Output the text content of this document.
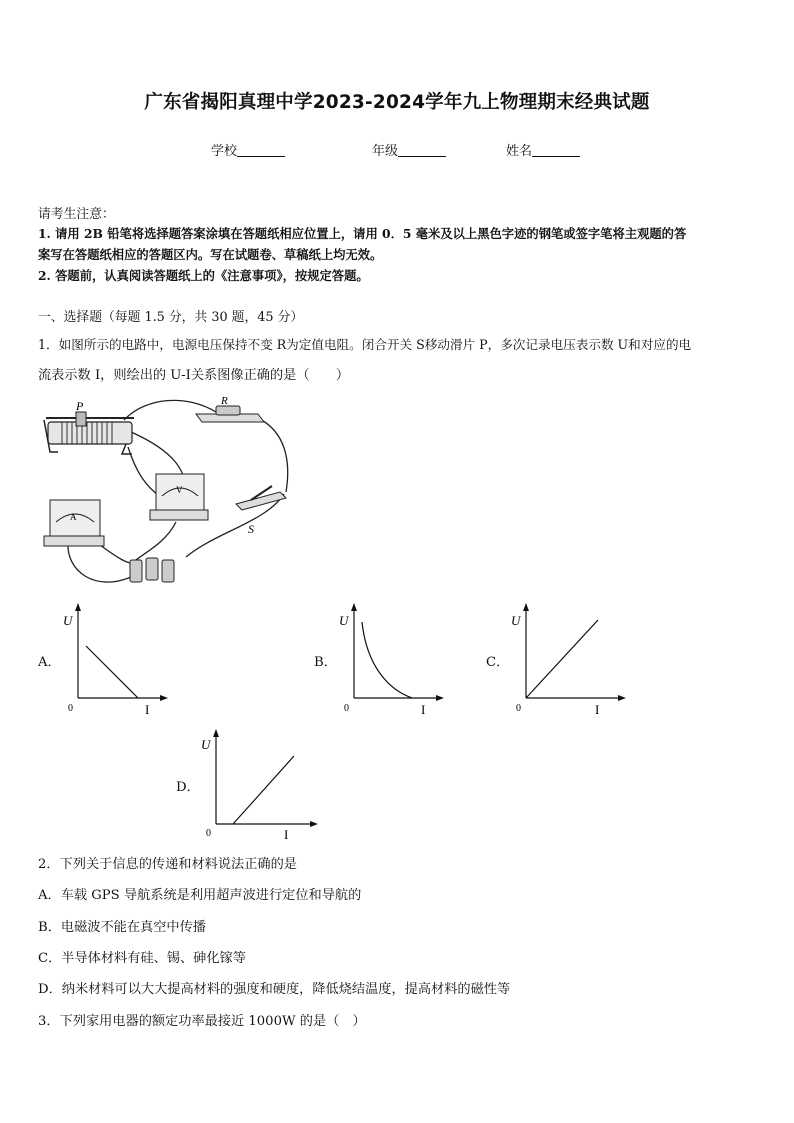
广东省揭阳真理中学2023-2024学年九上物理期末经典试题
学校	年级	姓名
请考生注意：
1. 请用 2B 铅笔将选择题答案涂填在答题纸相应位置上，请用 0．5 毫米及以上黑色字迹的钢笔或签字笔将主观题的答
案写在答题纸相应的答题区内。写在试题卷、草稿纸上均无效。
2. 答题前，认真阅读答题纸上的《注意事项》，按规定答题。
一、选择题（每题 1.5 分，共 30 题，45 分）
1．如图所示的电路中，电源电压保持不变 R为定值电阻。闭合开关 S移动滑片 P，多次记录电压表示数 U和对应的电
流表示数 I，则绘出的 U-I关系图像正确的是（　　）
P	R
V
A
S
A．	B．	C．
D．
U
0	I
U
0	I
U
0	I
U
0	I
2．下列关于信息的传递和材料说法正确的是
A．车载 GPS 导航系统是利用超声波进行定位和导航的
B．电磁波不能在真空中传播
C．半导体材料有硅、锡、砷化镓等
D．纳米材料可以大大提高材料的强度和硬度，降低烧结温度，提高材料的磁性等
3．下列家用电器的额定功率最接近 1000W 的是（　）
